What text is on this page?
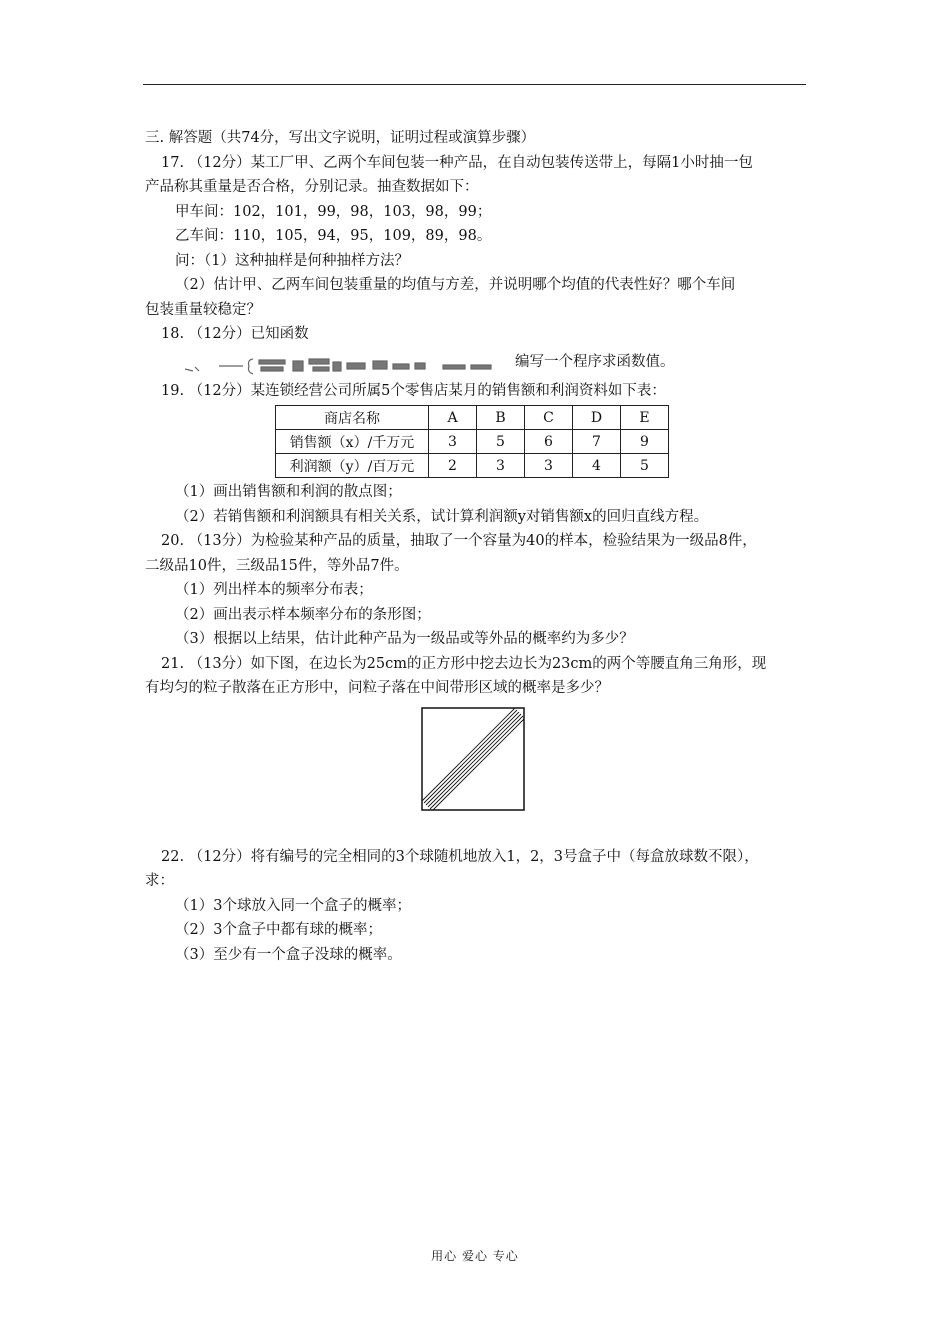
三. 解答题（共74分，写出文字说明，证明过程或演算步骤）
17. （12分）某工厂甲、乙两个车间包装一种产品，在自动包装传送带上，每隔1小时抽一包
产品称其重量是否合格，分别记录。抽查数据如下：
甲车间：102，101，99，98，103，98，99；
乙车间：110，105，94，95，109，89，98。
问：（1）这种抽样是何种抽样方法？
（2）估计甲、乙两车间包装重量的均值与方差，并说明哪个均值的代表性好？哪个车间
包装重量较稳定？
18. （12分）已知函数
编写一个程序求函数值。
19. （12分）某连锁经营公司所属5个零售店某月的销售额和利润资料如下表：
商店名称	A	B	C	D	E
销售额（x）/千万元	3	5	6	7	9
利润额（y）/百万元	2	3	3	4	5
（1）画出销售额和利润的散点图；
（2）若销售额和利润额具有相关关系，试计算利润额y对销售额x的回归直线方程。
20. （13分）为检验某种产品的质量，抽取了一个容量为40的样本，检验结果为一级品8件，
二级品10件，三级品15件，等外品7件。
（1）列出样本的频率分布表；
（2）画出表示样本频率分布的条形图；
（3）根据以上结果，估计此种产品为一级品或等外品的概率约为多少？
21. （13分）如下图，在边长为25cm的正方形中挖去边长为23cm的两个等腰直角三角形，现
有均匀的粒子散落在正方形中，问粒子落在中间带形区域的概率是多少？
22. （12分）将有编号的完全相同的3个球随机地放入1，2，3号盒子中（每盒放球数不限），
求：
（1）3个球放入同一个盒子的概率；
（2）3个盒子中都有球的概率；
（3）至少有一个盒子没球的概率。
用心 爱心 专心
